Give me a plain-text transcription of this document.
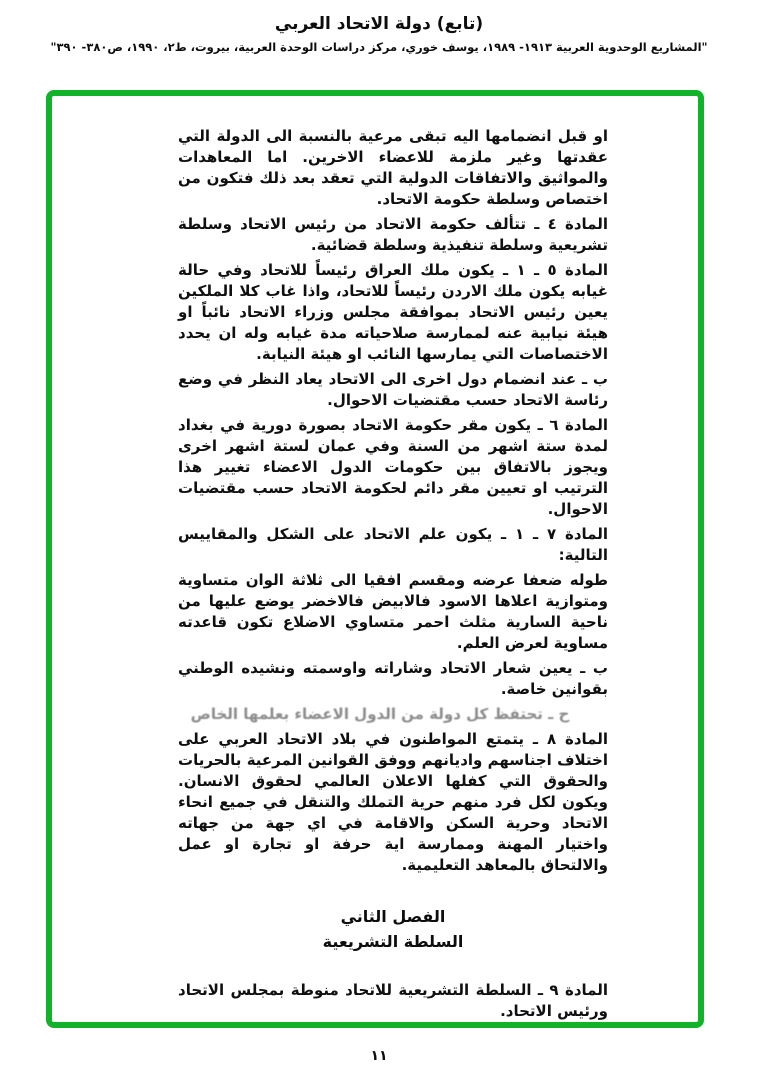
(تابع) دولة الاتحاد العربي
"المشاريع الوحدوية العربية ١٩١٣- ١٩٨٩، يوسف خوري، مركز دراسات الوحدة العربية، بيروت، ط٢، ١٩٩٠، ص٣٨٠- ٣٩٠"

او قبل انضمامها اليه تبقى مرعية بالنسبة الى الدولة التي عقدتها وغير ملزمة للاعضاء الاخرين. اما المعاهدات والمواثيق والاتفاقات الدولية التي تعقد بعد ذلك فتكون من اختصاص وسلطة حكومة الاتحاد.

المادة ٤ ـ تتألف حكومة الاتحاد من رئيس الاتحاد وسلطة تشريعية وسلطة تنفيذية وسلطة قضائية.

المادة ٥ ـ ١ ـ يكون ملك العراق رئيساً للاتحاد وفي حالة غيابه يكون ملك الاردن رئيساً للاتحاد، واذا غاب كلا الملكين يعين رئيس الاتحاد بموافقة مجلس وزراء الاتحاد نائباً او هيئة نيابية عنه لممارسة صلاحياته مدة غيابه وله ان يحدد الاختصاصات التي يمارسها النائب او هيئة النيابة.

ب ـ عند انضمام دول اخرى الى الاتحاد يعاد النظر في وضع رئاسة الاتحاد حسب مقتضيات الاحوال.

المادة ٦ ـ يكون مقر حكومة الاتحاد بصورة دورية في بغداد لمدة ستة اشهر من السنة وفي عمان لستة اشهر اخرى ويجوز بالاتفاق بين حكومات الدول الاعضاء تغيير هذا الترتيب او تعيين مقر دائم لحكومة الاتحاد حسب مقتضيات الاحوال.

المادة ٧ ـ ١ ـ يكون علم الاتحاد على الشكل والمقاييس التالية:

طوله ضعفا عرضه ومقسم افقيا الى ثلاثة الوان متساوية ومتوازية اعلاها الاسود فالابيض فالاخضر يوضع عليها من ناحية السارية مثلث احمر متساوي الاضلاع تكون قاعدته مساوية لعرض العلم.

ب ـ يعين شعار الاتحاد وشاراته واوسمته ونشيده الوطني بقوانين خاصة.

ح ـ تحتفظ كل دولة من الدول الاعضاء بعلمها الخاص

المادة ٨ ـ يتمتع المواطنون في بلاد الاتحاد العربي على اختلاف اجناسهم واديانهم ووفق القوانين المرعية بالحريات والحقوق التي كفلها الاعلان العالمي لحقوق الانسان. ويكون لكل فرد منهم حرية التملك والتنقل في جميع انحاء الاتحاد وحرية السكن والاقامة في اي جهة من جهاته واختيار المهنة وممارسة اية حرفة او تجارة او عمل والالتحاق بالمعاهد التعليمية.

الفصل الثاني
السلطة التشريعية

المادة ٩ ـ السلطة التشريعية للاتحاد منوطة بمجلس الاتحاد ورئيس الاتحاد.

١١
